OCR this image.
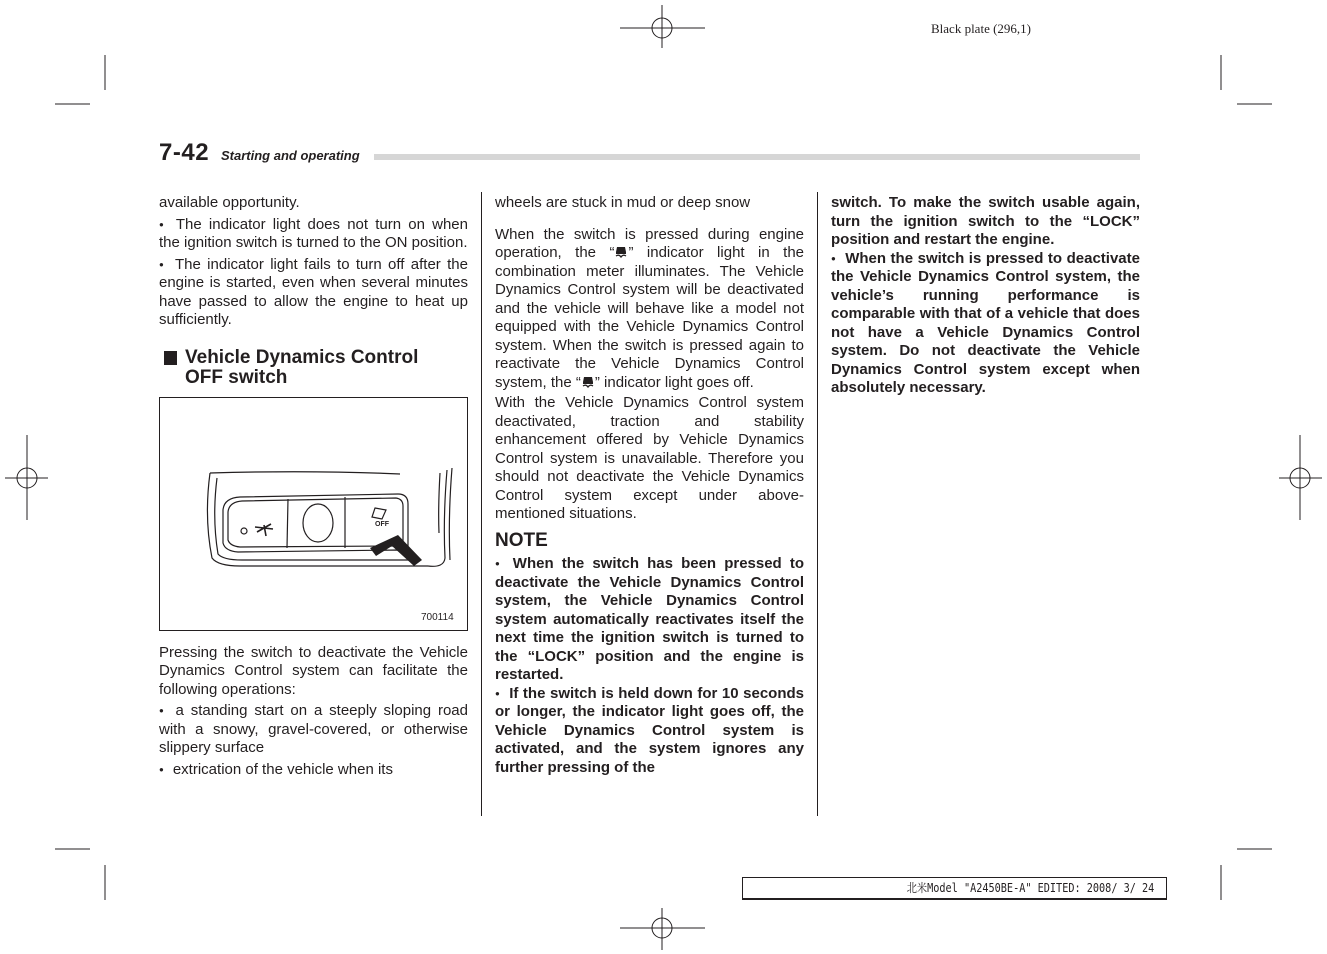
Black plate (296,1)
7-42 Starting and operating

available opportunity.

● The indicator light does not turn on when the ignition switch is turned to the ON position.

● The indicator light fails to turn off after the engine is started, even when several minutes have passed to allow the engine to heat up sufficiently.

Vehicle Dynamics Control
OFF switch
OFF
700114

Pressing the switch to deactivate the Vehicle Dynamics Control system can facilitate the following operations:

● a standing start on a steeply sloping road with a snowy, gravel-covered, or otherwise slippery surface

● extrication of the vehicle when its

wheels are stuck in mud or deep snow

When the switch is pressed during engine operation, the “ ” indicator light in the combination meter illuminates. The Vehicle Dynamics Control system will be deactivated and the vehicle will behave like a model not equipped with the Vehicle Dynamics Control system. When the switch is pressed again to reactivate the Vehicle Dynamics Control system, the “ ” indicator light goes off.

With the Vehicle Dynamics Control system deactivated, traction and stability enhancement offered by Vehicle Dynamics Control system is unavailable. Therefore you should not deactivate the Vehicle Dynamics Control system except under above-mentioned situations.

NOTE

● When the switch has been pressed to deactivate the Vehicle Dynamics Control system, the Vehicle Dynamics Control system automatically reactivates itself the next time the ignition switch is turned to the “LOCK” position and the engine is restarted.

● If the switch is held down for 10 seconds or longer, the indicator light goes off, the Vehicle Dynamics Control system is activated, and the system ignores any further pressing of the

switch. To make the switch usable again, turn the ignition switch to the “LOCK” position and restart the engine.

● When the switch is pressed to deactivate the Vehicle Dynamics Control system, the vehicle’s running performance is comparable with that of a vehicle that does not have a Vehicle Dynamics Control system. Do not deactivate the Vehicle Dynamics Control system except when absolutely necessary.

北米Model "A2450BE-A" EDITED: 2008/ 3/ 24
